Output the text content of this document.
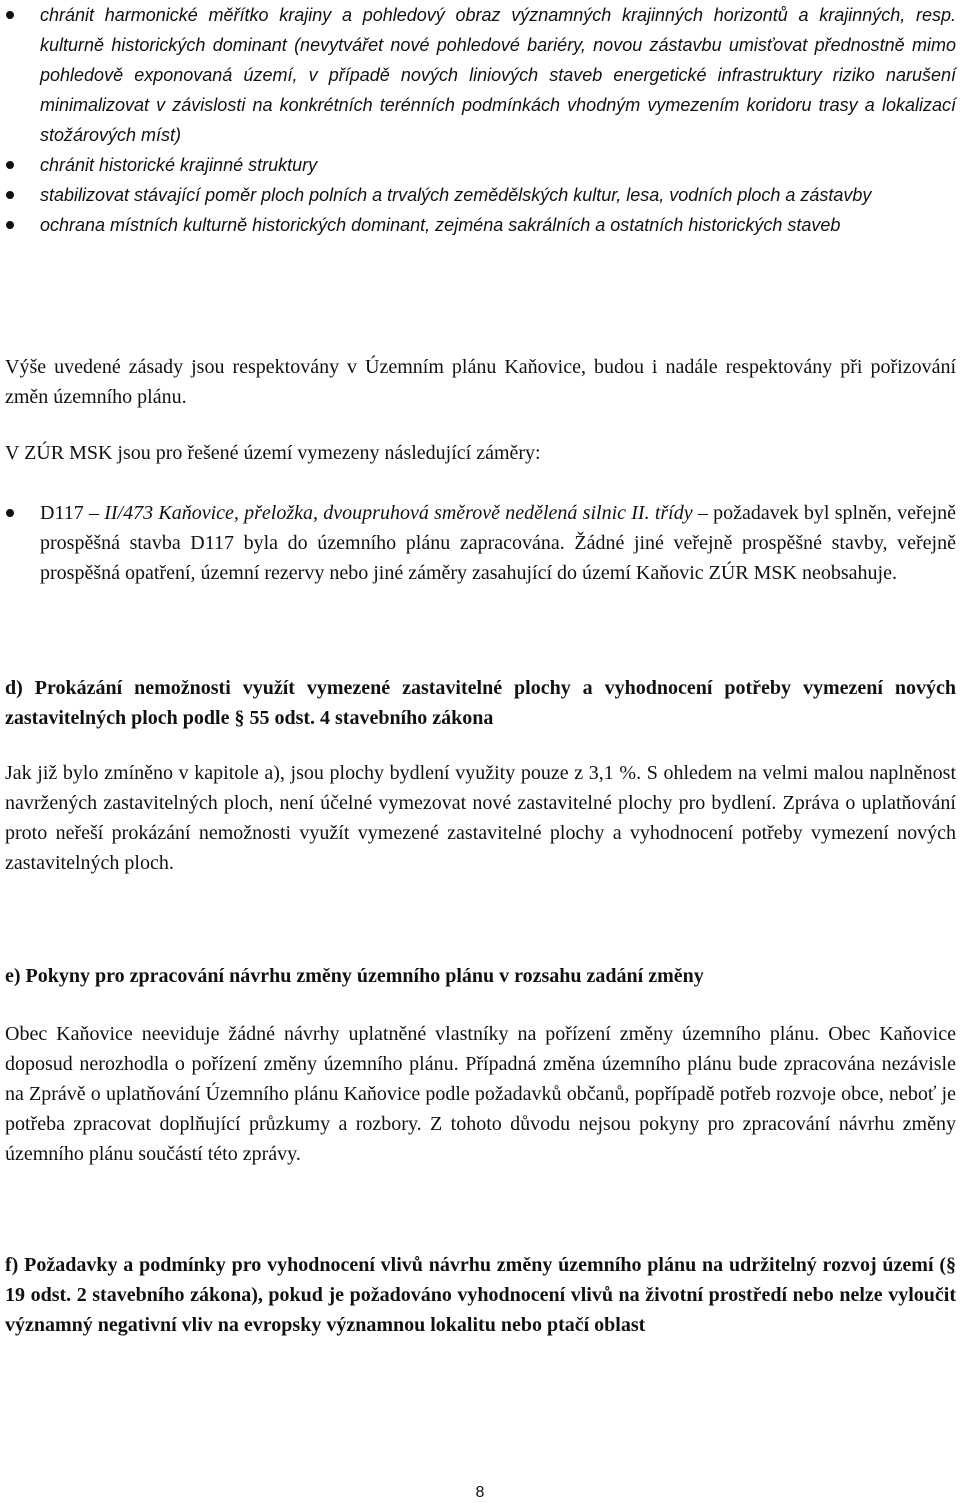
chránit harmonické měřítko krajiny a pohledový obraz významných krajinných horizontů a krajinných, resp. kulturně historických dominant (nevytvářet nové pohledové bariéry, novou zástavbu umisťovat přednostně mimo pohledově exponovaná území, v případě nových liniových staveb energetické infrastruktury riziko narušení minimalizovat v závislosti na konkrétních terénních podmínkách vhodným vymezením koridoru trasy a lokalizací stožárových míst)

chránit historické krajinné struktury

stabilizovat stávající poměr ploch polních a trvalých zemědělských kultur, lesa, vodních ploch a zástavby

ochrana místních kulturně historických dominant, zejména sakrálních a ostatních historických staveb

Výše uvedené zásady jsou respektovány v Územním plánu Kaňovice, budou i nadále respektovány při pořizování změn územního plánu.

V ZÚR MSK jsou pro řešené území vymezeny následující záměry:

D117 – II/473 Kaňovice, přeložka, dvoupruhová směrově nedělená silnic II. třídy – požadavek byl splněn, veřejně prospěšná stavba D117 byla do územního plánu zapracována. Žádné jiné veřejně prospěšné stavby, veřejně prospěšná opatření, územní rezervy nebo jiné záměry zasahující do území Kaňovic ZÚR MSK neobsahuje.

d) Prokázání nemožnosti využít vymezené zastavitelné plochy a vyhodnocení potřeby vymezení nových zastavitelných ploch podle § 55 odst. 4 stavebního zákona

Jak již bylo zmíněno v kapitole a), jsou plochy bydlení využity pouze z 3,1 %. S ohledem na velmi malou naplněnost navržených zastavitelných ploch, není účelné vymezovat nové zastavitelné plochy pro bydlení. Zpráva o uplatňování proto neřeší prokázání nemožnosti využít vymezené zastavitelné plochy a vyhodnocení potřeby vymezení nových zastavitelných ploch.

e) Pokyny pro zpracování návrhu změny územního plánu v rozsahu zadání změny

Obec Kaňovice neeviduje žádné návrhy uplatněné vlastníky na pořízení změny územního plánu. Obec Kaňovice doposud nerozhodla o pořízení změny územního plánu. Případná změna územního plánu bude zpracována nezávisle na Zprávě o uplatňování Územního plánu Kaňovice podle požadavků občanů, popřípadě potřeb rozvoje obce, neboť je potřeba zpracovat doplňující průzkumy a rozbory. Z tohoto důvodu nejsou pokyny pro zpracování návrhu změny územního plánu součástí této zprávy.

f) Požadavky a podmínky pro vyhodnocení vlivů návrhu změny územního plánu na udržitelný rozvoj území (§ 19 odst. 2 stavebního zákona), pokud je požadováno vyhodnocení vlivů na životní prostředí nebo nelze vyloučit významný negativní vliv na evropsky významnou lokalitu nebo ptačí oblast
8
